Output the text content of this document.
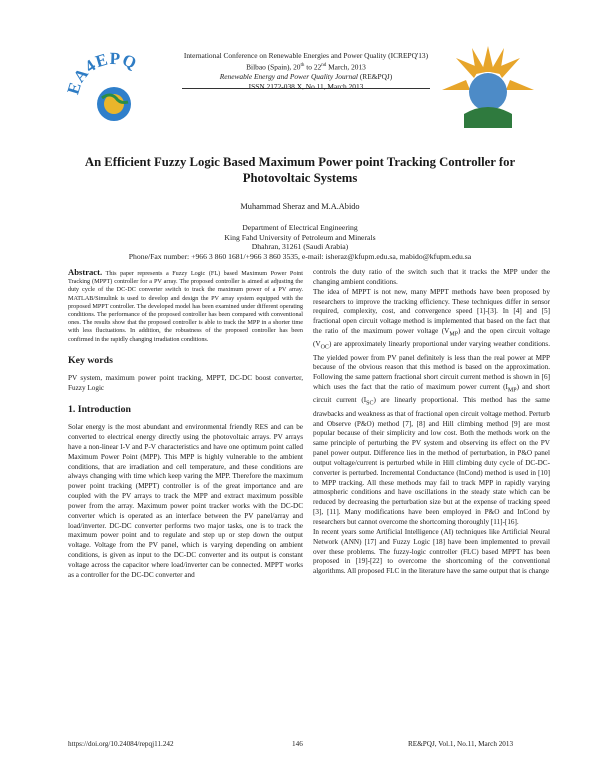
EA4EPQ	International Conference on Renewable Energies and Power Quality (ICREPQ'13)
Bilbao (Spain), 20th to 22nd March, 2013
Renewable Energy and Power Quality Journal (RE&PQJ)
ISSN 2172-038 X, No.11, March 2013
An Efficient Fuzzy Logic Based Maximum Power point Tracking Controller for Photovoltaic Systems

Muhammad Sheraz and M.A.Abido

Department of Electrical Engineering
King Fahd University of Petroleum and Minerals
Dhahran, 31261 (Saudi Arabia)
Phone/Fax number: +966 3 860 1681/+966 3 860 3535, e-mail: isheraz@kfupm.edu.sa, mabido@kfupm.edu.sa

Abstract. This paper represents a Fuzzy Logic (FL) based Maximum Power Point Tracking (MPPT) controller for a PV array. The proposed controller is aimed at adjusting the duty cycle of the DC-DC converter switch to track the maximum power of a PV array. MATLAB/Simulink is used to develop and design the PV array system equipped with the proposed MPPT controller. The developed model has been examined under different operating conditions. The performance of the proposed controller has been compared with conventional ones. The results show that the proposed controller is able to track the MPP in a shorter time with less fluctuations. In addition, the robustness of the proposed controller has been confirmed in the rapidly changing irradiation conditions.

Key words

PV system, maximum power point tracking, MPPT, DC-DC boost converter, Fuzzy Logic

1. Introduction

Solar energy is the most abundant and environmental friendly RES and can be converted to electrical energy directly using the photovoltaic arrays. PV arrays have a non-linear I-V and P-V characteristics and have one optimum point called Maximum Power Point (MPP). This MPP is highly vulnerable to the ambient conditions, that are irradiation and cell temperature, and these conditions are always changing with time which keep varing the MPP. Therefore the maximum power point tracking (MPPT) controller is of the great importance and are coupled with the PV arrays to track the MPP and extract maximum possible power from the array. Maximum power point tracker works with the DC-DC converter which is operated as an interface between the PV panel/array and load/inverter. DC-DC converter performs two major tasks, one is to track the maximum power point and to regulate and step up or step down the output voltage. Voltage from the PV panel, which is varying depending on ambient conditions, is given as input to the DC-DC converter and its output is constant voltage across the capacitor where load/inverter can be connected. MPPT works as a controller for the DC-DC converter and

controls the duty ratio of the switch such that it tracks the MPP under the changing ambient conditions.

The idea of MPPT is not new, many MPPT methods have been proposed by researchers to improve the tracking efficiency. These techniques differ in sensor required, complexity, cost, and convergence speed [1]-[3]. In [4] and [5] fractional open circuit voltage method is implemented that based on the fact that the ratio of the maximum power voltage $(V_{MP})$ and the open circuit voltage $(V_{OC})$ are approximately linearly proportional under varying weather conditions. The yielded power from PV panel definitely is less than the real power at MPP because of the obvious reason that this method is based on the approximation. Following the same pattern fractional short circuit current method is shown in [6] which uses the fact that the ratio of maximum power current $(I_{MP})$ and short circuit current $(I_{SC})$ are linearly proportional. This method has the same drawbacks and weakness as that of fractional open circuit voltage method. Perturb and Observe (P&O) method [7], [8] and Hill climbing method [9] are most popular because of their simplicity and low cost. Both the methods work on the same principle of perturbing the PV system and observing its effect on the PV panel power output. Difference lies in the method of perturbation, in P&O panel output voltage/current is perturbed while in Hill climbing duty cycle of DC-DC- converter is perturbed. Incremental Conductance (InCond) method is used in [10] to MPP tracking. All these methods may fail to track MPP in rapidly varying atmospheric conditions and have oscillations in the steady state which can be reduced by decreasing the perturbation size but at the expense of tracking speed [3], [11]. Many modifications have been employed in P&O and InCond by researchers but cannot overcome the shortcoming thoroughly [11]-[16].

In recent years some Artificial Intelligence (AI) techniques like Artificial Neural Network (ANN) [17] and Fuzzy Logic [18] have been implemented to prevail over these problems. The fuzzy-logic controller (FLC) based MPPT has been proposed in [19]-[22] to overcome the shortcoming of the conventional algorithms. All proposed FLC in the literature have the same output that is change

https://doi.org/10.24084/repqj11.242	146	RE&PQJ, Vol.1, No.11, March 2013
